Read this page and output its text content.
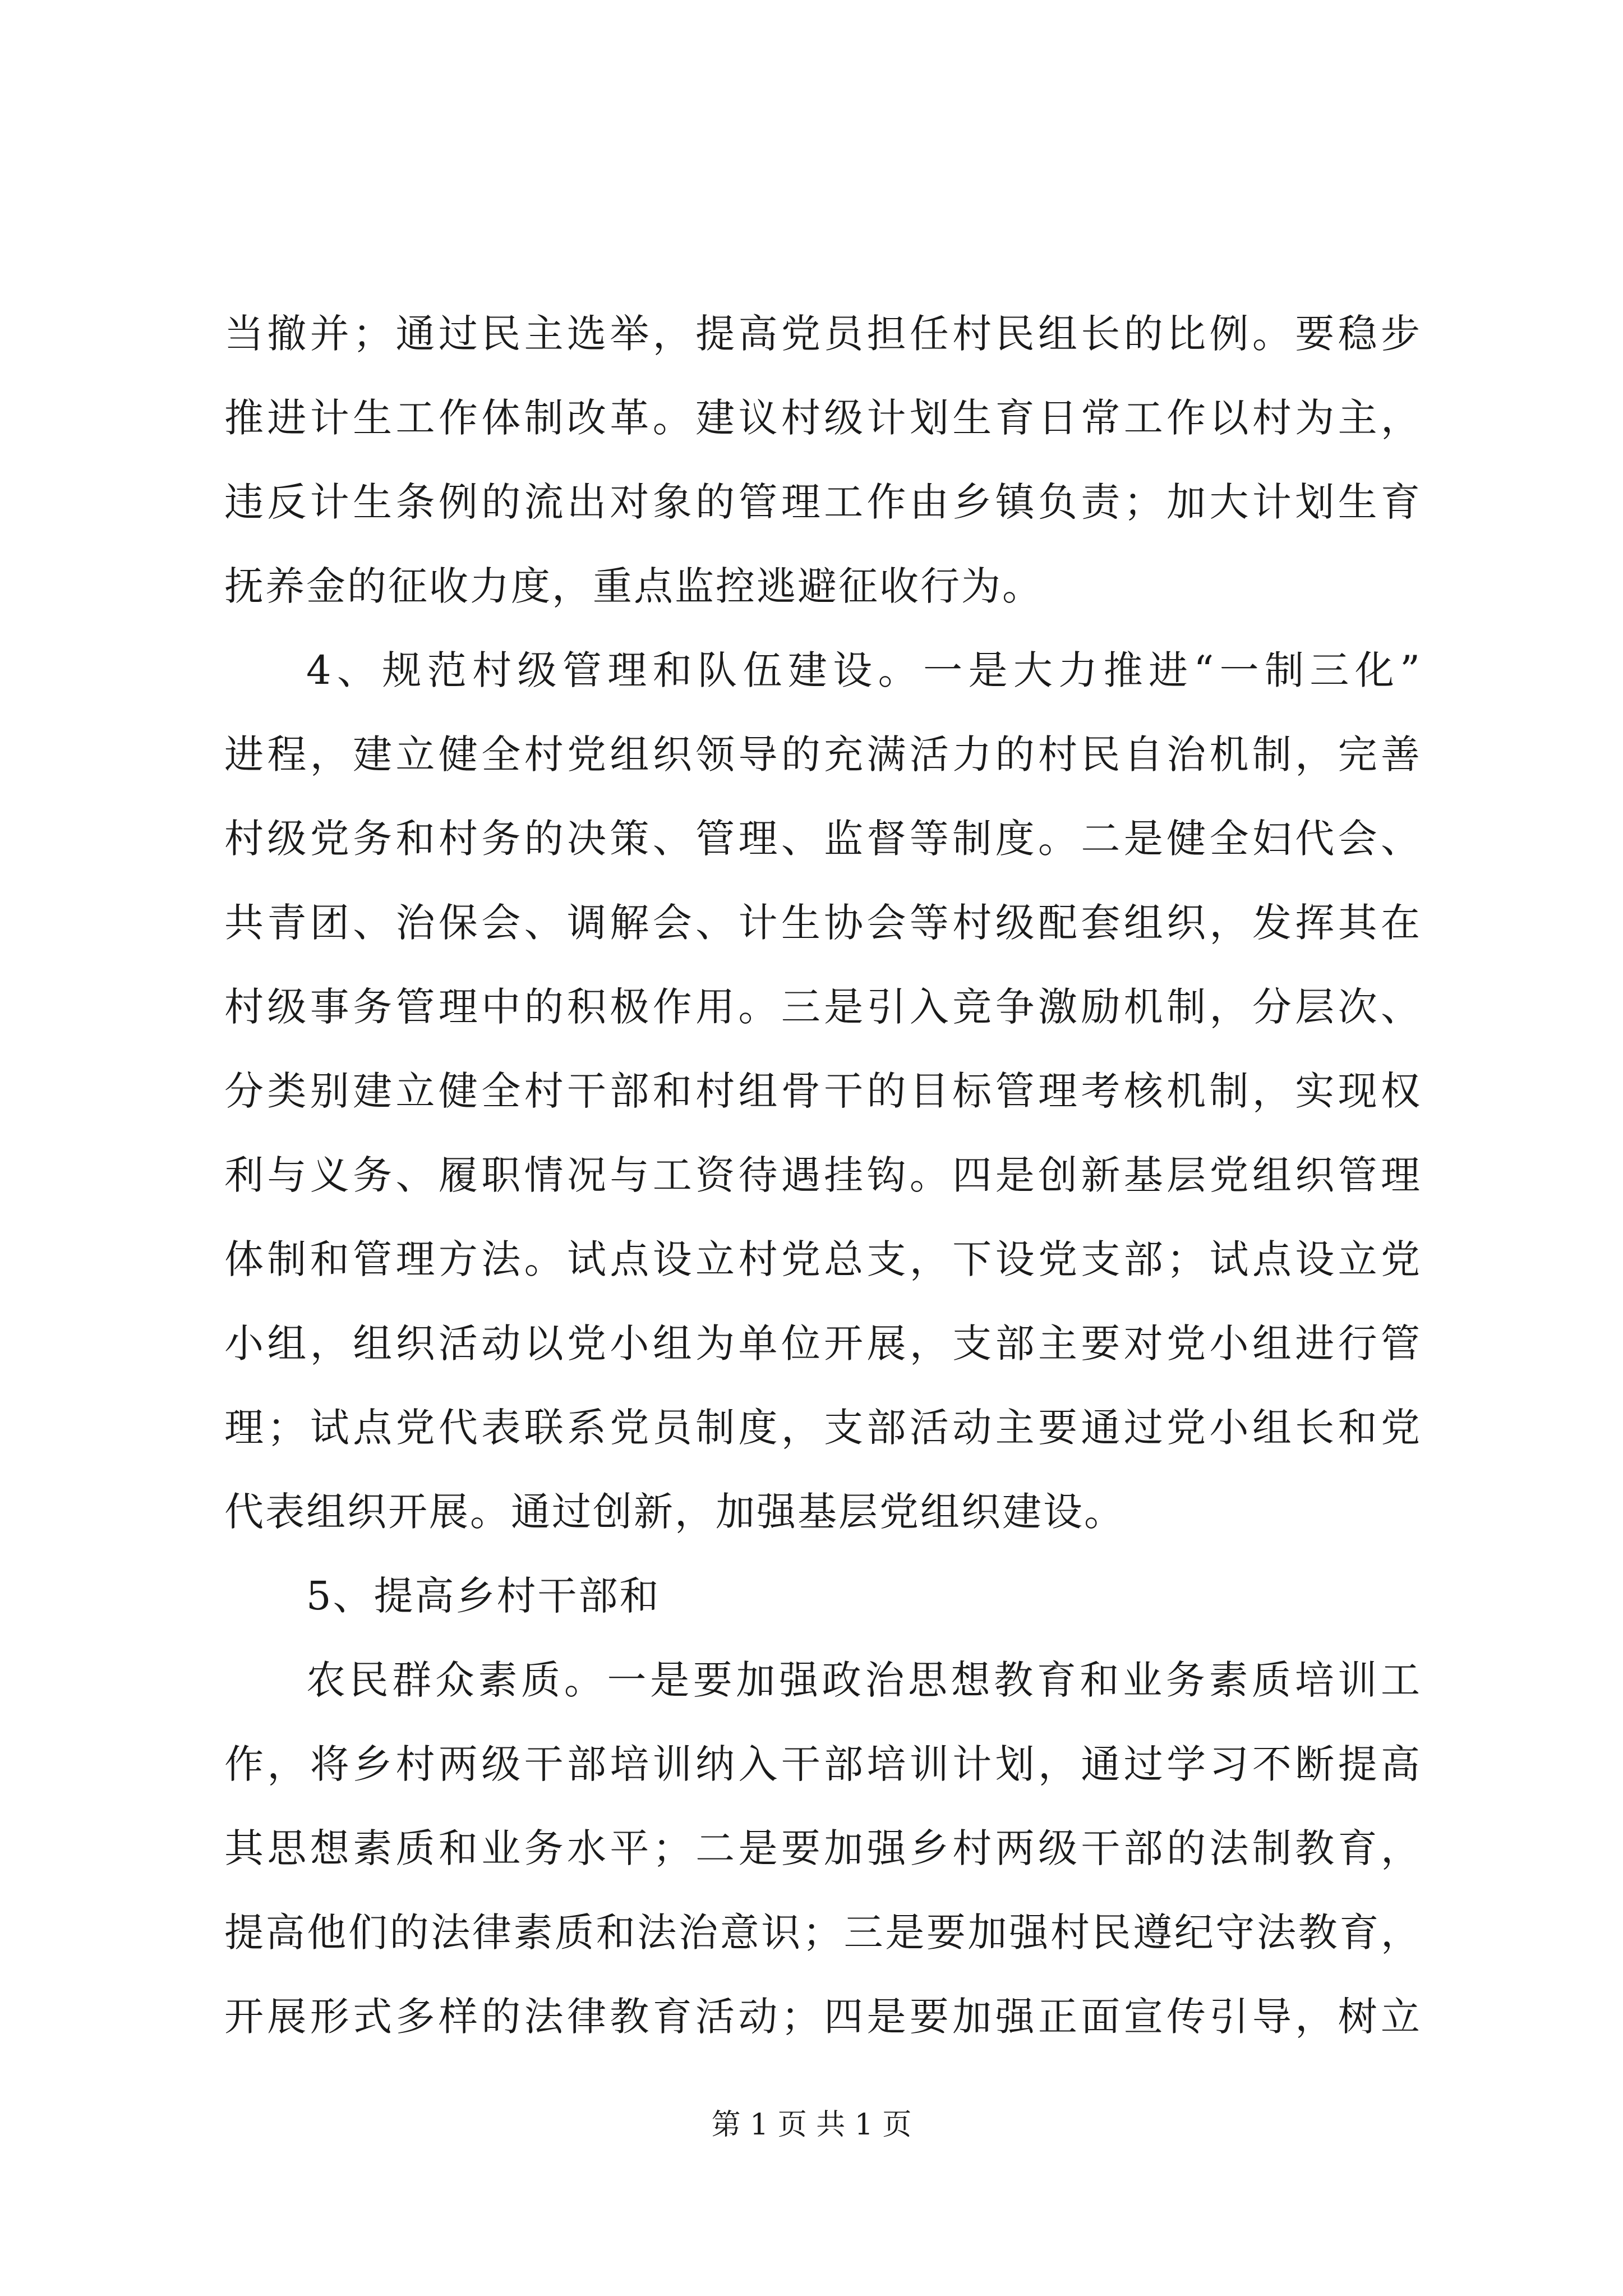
当撤并；通过民主选举，提高党员担任村民组长的比例。要稳步
推进计生工作体制改革。建议村级计划生育日常工作以村为主，
违反计生条例的流出对象的管理工作由乡镇负责；加大计划生育
抚养金的征收力度，重点监控逃避征收行为。
4、规范村级管理和队伍建设。一是大力推进“一制三化”
进程，建立健全村党组织领导的充满活力的村民自治机制，完善
村级党务和村务的决策、管理、监督等制度。二是健全妇代会、
共青团、治保会、调解会、计生协会等村级配套组织，发挥其在
村级事务管理中的积极作用。三是引入竞争激励机制，分层次、
分类别建立健全村干部和村组骨干的目标管理考核机制，实现权
利与义务、履职情况与工资待遇挂钩。四是创新基层党组织管理
体制和管理方法。试点设立村党总支，下设党支部；试点设立党
小组，组织活动以党小组为单位开展，支部主要对党小组进行管
理；试点党代表联系党员制度，支部活动主要通过党小组长和党
代表组织开展。通过创新，加强基层党组织建设。
5、提高乡村干部和
农民群众素质。一是要加强政治思想教育和业务素质培训工
作，将乡村两级干部培训纳入干部培训计划，通过学习不断提高
其思想素质和业务水平；二是要加强乡村两级干部的法制教育，
提高他们的法律素质和法治意识；三是要加强村民遵纪守法教育，
开展形式多样的法律教育活动；四是要加强正面宣传引导，树立
第 1 页 共 1 页
